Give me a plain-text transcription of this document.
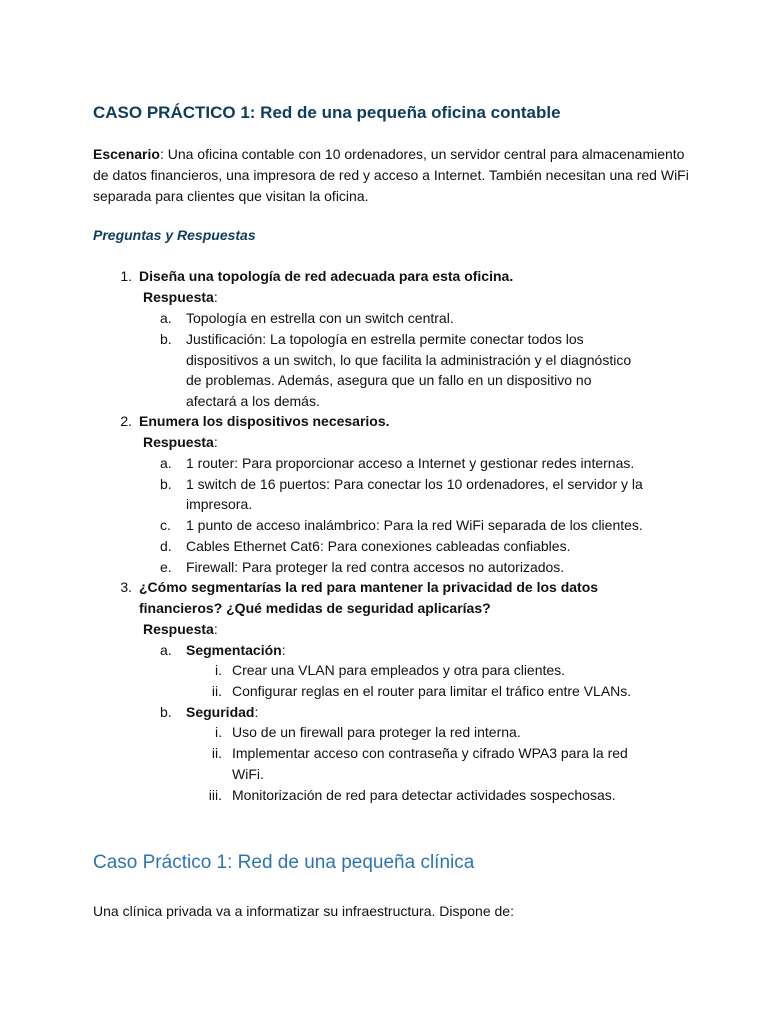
CASO PRÁCTICO 1: Red de una pequeña oficina contable

Escenario: Una oficina contable con 10 ordenadores, un servidor central para almacenamiento de datos financieros, una impresora de red y acceso a Internet. También necesitan una red WiFi separada para clientes que visitan la oficina.

Preguntas y Respuestas
1. Diseña una topología de red adecuada para esta oficina.
Respuesta:
a. Topología en estrella con un switch central.
b. Justificación: La topología en estrella permite conectar todos los
dispositivos a un switch, lo que facilita la administración y el diagnóstico
de problemas. Además, asegura que un fallo en un dispositivo no
afectará a los demás.
2. Enumera los dispositivos necesarios.
Respuesta:
a. 1 router: Para proporcionar acceso a Internet y gestionar redes internas.
b. 1 switch de 16 puertos: Para conectar los 10 ordenadores, el servidor y la
impresora.
c. 1 punto de acceso inalámbrico: Para la red WiFi separada de los clientes.
d. Cables Ethernet Cat6: Para conexiones cableadas confiables.
e. Firewall: Para proteger la red contra accesos no autorizados.
3. ¿Cómo segmentarías la red para mantener la privacidad de los datos
financieros? ¿Qué medidas de seguridad aplicarías?
Respuesta:
a. Segmentación:
i. Crear una VLAN para empleados y otra para clientes.
ii. Configurar reglas en el router para limitar el tráfico entre VLANs.
b. Seguridad:
i. Uso de un firewall para proteger la red interna.
ii. Implementar acceso con contraseña y cifrado WPA3 para la red
WiFi.
iii. Monitorización de red para detectar actividades sospechosas.
Caso Práctico 1: Red de una pequeña clínica
Una clínica privada va a informatizar su infraestructura. Dispone de:
